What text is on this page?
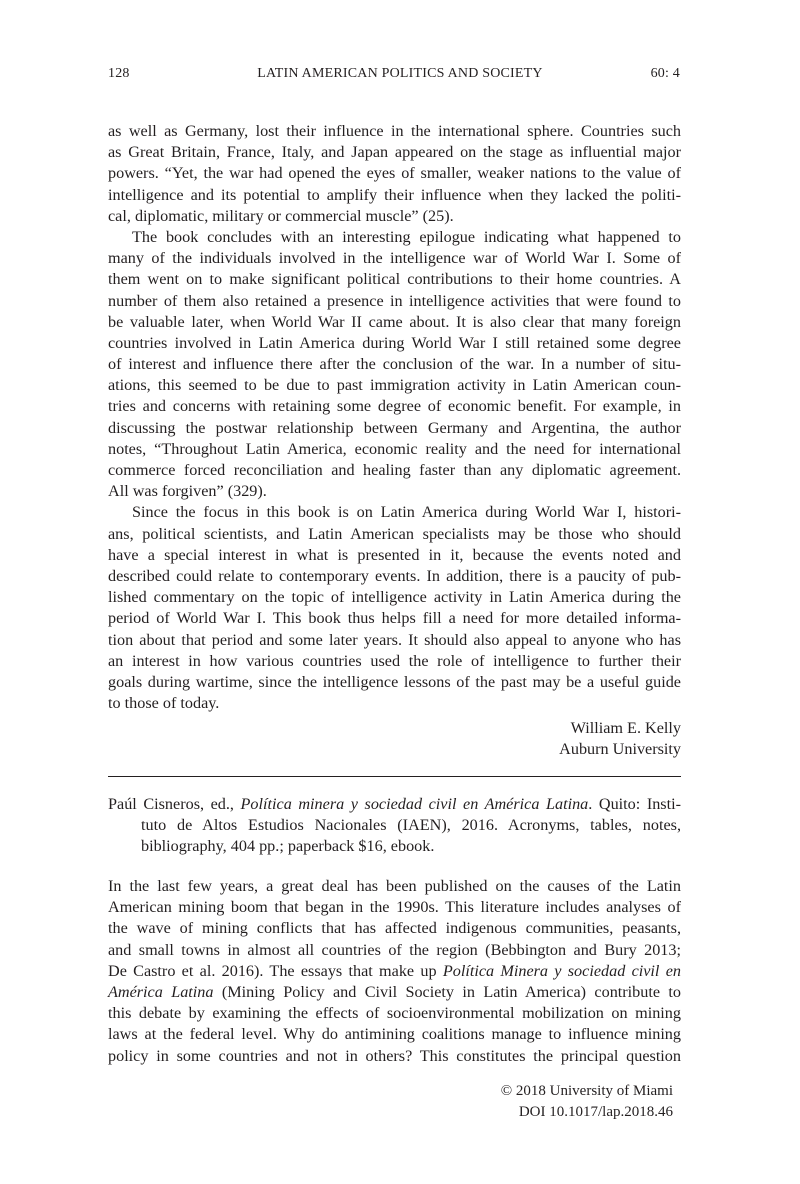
128	LATIN AMERICAN POLITICS AND SOCIETY	60: 4
as well as Germany, lost their influence in the international sphere. Countries such
as Great Britain, France, Italy, and Japan appeared on the stage as influential major
powers. “Yet, the war had opened the eyes of smaller, weaker nations to the value of
intelligence and its potential to amplify their influence when they lacked the politi-
cal, diplomatic, military or commercial muscle” (25).
The book concludes with an interesting epilogue indicating what happened to
many of the individuals involved in the intelligence war of World War I. Some of
them went on to make significant political contributions to their home countries. A
number of them also retained a presence in intelligence activities that were found to
be valuable later, when World War II came about. It is also clear that many foreign
countries involved in Latin America during World War I still retained some degree
of interest and influence there after the conclusion of the war. In a number of situ-
ations, this seemed to be due to past immigration activity in Latin American coun-
tries and concerns with retaining some degree of economic benefit. For example, in
discussing the postwar relationship between Germany and Argentina, the author
notes, “Throughout Latin America, economic reality and the need for international
commerce forced reconciliation and healing faster than any diplomatic agreement.
All was forgiven” (329).
Since the focus in this book is on Latin America during World War I, histori-
ans, political scientists, and Latin American specialists may be those who should
have a special interest in what is presented in it, because the events noted and
described could relate to contemporary events. In addition, there is a paucity of pub-
lished commentary on the topic of intelligence activity in Latin America during the
period of World War I. This book thus helps fill a need for more detailed informa-
tion about that period and some later years. It should also appeal to anyone who has
an interest in how various countries used the role of intelligence to further their
goals during wartime, since the intelligence lessons of the past may be a useful guide
to those of today.
William E. Kelly
Auburn University
Paúl Cisneros, ed., Política minera y sociedad civil en América Latina. Quito: Insti-
tuto de Altos Estudios Nacionales (IAEN), 2016. Acronyms, tables, notes,
bibliography, 404 pp.; paperback $16, ebook.
In the last few years, a great deal has been published on the causes of the Latin
American mining boom that began in the 1990s. This literature includes analyses of
the wave of mining conflicts that has affected indigenous communities, peasants,
and small towns in almost all countries of the region (Bebbington and Bury 2013;
De Castro et al. 2016). The essays that make up Política Minera y sociedad civil en
América Latina (Mining Policy and Civil Society in Latin America) contribute to
this debate by examining the effects of socioenvironmental mobilization on mining
laws at the federal level. Why do antimining coalitions manage to influence mining
policy in some countries and not in others? This constitutes the principal question
© 2018 University of Miami
DOI 10.1017/lap.2018.46
